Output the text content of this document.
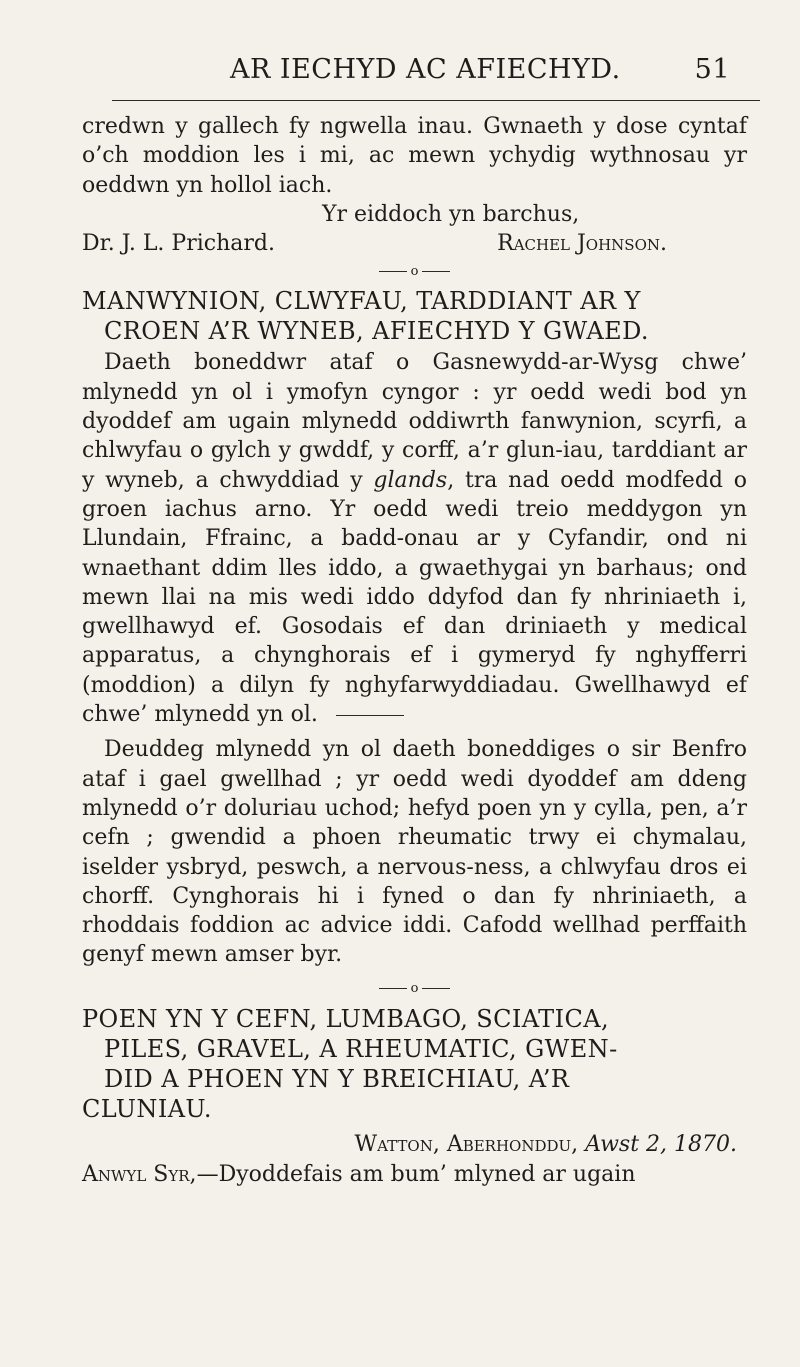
AR IECHYD AC AFIECHYD.	51

credwn y gallech fy ngwella inau. Gwnaeth y dose cyntaf o’ch moddion les i mi, ac mewn ychydig wythnosau yr oeddwn yn hollol iach.

Yr eiddoch yn barchus,
Dr. J. L. Prichard.	Rachel Johnson.
o
MANWYNION, CLWYFAU, TARDDIANT AR Y
CROEN A’R WYNEB, AFIECHYD Y GWAED.

Daeth boneddwr ataf o Gasnewydd-ar-Wysg chwe’ mlynedd yn ol i ymofyn cyngor : yr oedd wedi bod yn dyoddef am ugain mlynedd oddiwrth fanwynion, scyrfi, a chlwyfau o gylch y gwddf, y corff, a’r glun-iau, tarddiant ar y wyneb, a chwyddiad y glands, tra nad oedd modfedd o groen iachus arno. Yr oedd wedi treio meddygon yn Llundain, Ffrainc, a badd-onau ar y Cyfandir, ond ni wnaethant ddim lles iddo, a gwaethygai yn barhaus; ond mewn llai na mis wedi iddo ddyfod dan fy nhriniaeth i, gwellhawyd ef. Gosodais ef dan driniaeth y medical apparatus, a chynghorais ef i gymeryd fy nghyfferri (moddion) a dilyn fy nghyfarwyddiadau. Gwellhawyd ef chwe’ mlynedd yn ol.

Deuddeg mlynedd yn ol daeth boneddiges o sir Benfro ataf i gael gwellhad ; yr oedd wedi dyoddef am ddeng mlynedd o’r doluriau uchod; hefyd poen yn y cylla, pen, a’r cefn ; gwendid a phoen rheumatic trwy ei chymalau, iselder ysbryd, peswch, a nervous-ness, a chlwyfau dros ei chorff. Cynghorais hi i fyned o dan fy nhriniaeth, a rhoddais foddion ac advice iddi. Cafodd wellhad perffaith genyf mewn amser byr.

o
POEN YN Y CEFN, LUMBAGO, SCIATICA,
PILES, GRAVEL, A RHEUMATIC, GWEN-
DID A PHOEN YN Y BREICHIAU, A’R
CLUNIAU.
Watton, Aberhonddu, Awst 2, 1870.
Anwyl Syr,—Dyoddefais am bum’ mlyned ar ugain
